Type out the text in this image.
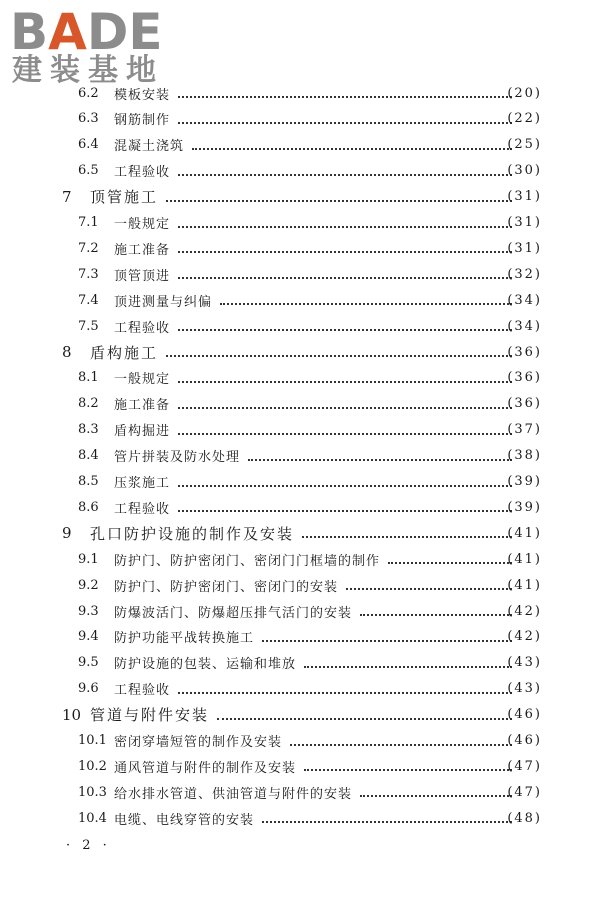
BADE
建装基地
6.2	模板安装	(20)
6.3	钢筋制作	(22)
6.4	混凝土浇筑	(25)
6.5	工程验收	(30)
7	顶管施工	(31)
7.1	一般规定	(31)
7.2	施工准备	(31)
7.3	顶管顶进	(32)
7.4	顶进测量与纠偏	(34)
7.5	工程验收	(34)
8	盾构施工	(36)
8.1	一般规定	(36)
8.2	施工准备	(36)
8.3	盾构掘进	(37)
8.4	管片拼装及防水处理	(38)
8.5	压浆施工	(39)
8.6	工程验收	(39)
9	孔口防护设施的制作及安装	(41)
9.1	防护门、防护密闭门、密闭门门框墙的制作	(41)
9.2	防护门、防护密闭门、密闭门的安装	(41)
9.3	防爆波活门、防爆超压排气活门的安装	(42)
9.4	防护功能平战转换施工	(42)
9.5	防护设施的包装、运输和堆放	(43)
9.6	工程验收	(43)
10 管道与附件安装	(46)
10.1 密闭穿墙短管的制作及安装	(46)
10.2 通风管道与附件的制作及安装	(47)
10.3 给水排水管道、供油管道与附件的安装	(47)
10.4 电缆、电线穿管的安装	(48)
· 2 ·
